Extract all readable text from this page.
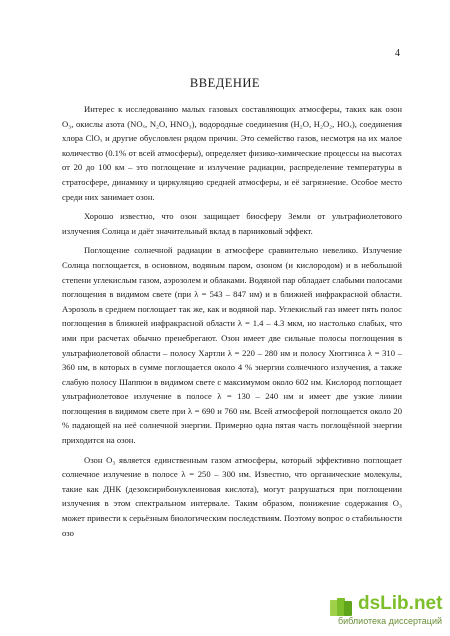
4
ВВЕДЕНИЕ

Интерес к исследованию малых газовых составляющих атмосферы, таких как озон O₃, окислы азота (NOₓ, N₂O, HNO₃), водородные соединения (H₂O, H₂O₂, HOₓ), соединения хлора ClOₓ и другие обусловлен рядом причин. Это семейство газов, несмотря на их малое количество (0.1% от всей атмосферы), определяет физико-химические процессы на высотах от 20 до 100 км – это поглощение и излучение радиации, распределение температуры в стратосфере, динамику и циркуляцию средней атмосферы, и её загрязнение. Особое место среди них занимает озон.

Хорошо известно, что озон защищает биосферу Земли от ультрафиолетового излучения Солнца и даёт значительный вклад в парниковый эффект.

Поглощение солнечной радиации в атмосфере сравнительно невелико. Излучение Солнца поглощается, в основном, водяным паром, озоном (и кислородом) и в небольшой степени углекислым газом, аэрозолем и облаками. Водяной пар обладает слабыми полосами поглощения в видимом свете (при λ = 543 – 847 нм) и в ближней инфракрасной области. Аэрозоль в среднем поглощает так же, как и водяной пар. Углекислый газ имеет пять полос поглощения в ближней инфракрасной области λ = 1.4 – 4.3 мкм, но настолько слабых, что ими при расчетах обычно пренебрегают. Озон имеет две сильные полосы поглощения в ультрафиолетовой области – полосу Хартли λ = 220 – 280 нм и полосу Хюггинса λ = 310 – 360 нм, в которых в сумме поглощается около 4 % энергии солнечного излучения, а также слабую полосу Шаппюи в видимом свете с максимумом около 602 нм. Кислород поглощает ультрафиолетовое излучение в полосе λ = 130 – 240 нм и имеет две узкие линии поглощения в видимом свете при λ = 690 и 760 нм. Всей атмосферой поглощается около 20 % падающей на неё солнечной энергии. Примерно одна пятая часть поглощённой энергии приходится на озон.

Озон O₃ является единственным газом атмосферы, который эффективно поглощает солнечное излучение в полосе λ = 250 – 300 нм. Известно, что органические молекулы, такие как ДНК (дезоксирибонуклеиновая кислота), могут разрушаться при поглощении излучения в этом спектральном интервале. Таким образом, понижение содержания O₃ может привести к серьёзным биологическим последствиям. Поэтому вопрос о стабильности озо

dsLib.net
библиотека диссертаций
